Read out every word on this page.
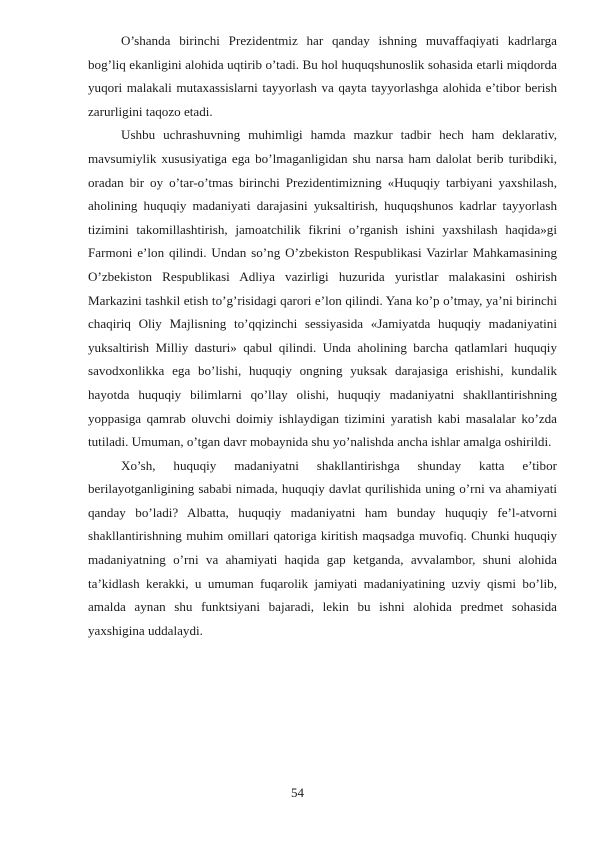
O’shanda birinchi Prezidentmiz har qanday ishning muvaffaqiyati kadrlarga bog’liq ekanligini alohida uqtirib o’tadi. Bu hol huquqshunoslik sohasida etarli miqdorda yuqori malakali mutaxassislarni tayyorlash va qayta tayyorlashga alohida e’tibor berish zarurligini taqozo etadi.

Ushbu uchrashuvning muhimligi hamda mazkur tadbir hech ham deklarativ, mavsumiylik xususiyatiga ega bo’lmaganligidan shu narsa ham dalolat berib turibdiki, oradan bir oy o’tar-o’tmas birinchi Prezidentimizning «Huquqiy tarbiyani yaxshilash, aholining huquqiy madaniyati darajasini yuksaltirish, huquqshunos kadrlar tayyorlash tizimini takomillashtirish, jamoatchilik fikrini o’rganish ishini yaxshilash haqida»gi Farmoni e’lon qilindi. Undan so’ng O’zbekiston Respublikasi Vazirlar Mahkamasining O’zbekiston Respublikasi Adliya vazirligi huzurida yuristlar malakasini oshirish Markazini tashkil etish to’g’risidagi qarori e’lon qilindi. Yana ko’p o’tmay, ya’ni birinchi chaqiriq Oliy Majlisning to’qqizinchi sessiyasida «Jamiyatda huquqiy madaniyatini yuksaltirish Milliy dasturi» qabul qilindi. Unda aholining barcha qatlamlari huquqiy savodxonlikka ega bo’lishi, huquqiy ongning yuksak darajasiga erishishi, kundalik hayotda huquqiy bilimlarni qo’llay olishi, huquqiy madaniyatni shakllantirishning yoppasiga qamrab oluvchi doimiy ishlaydigan tizimini yaratish kabi masalalar ko’zda tutiladi. Umuman, o’tgan davr mobaynida shu yo’nalishda ancha ishlar amalga oshirildi.

Xo’sh, huquqiy madaniyatni shakllantirishga shunday katta e’tibor berilayotganligining sababi nimada, huquqiy davlat qurilishida uning o’rni va ahamiyati qanday bo’ladi? Albatta, huquqiy madaniyatni ham bunday huquqiy fe’l-atvorni shakllantirishning muhim omillari qatoriga kiritish maqsadga muvofiq. Chunki huquqiy madaniyatning o’rni va ahamiyati haqida gap ketganda, avvalambor, shuni alohida ta’kidlash kerakki, u umuman fuqarolik jamiyati madaniyatining uzviy qismi bo’lib, amalda aynan shu funktsiyani bajaradi, lekin bu ishni alohida predmet sohasida yaxshigina uddalaydi.

54
